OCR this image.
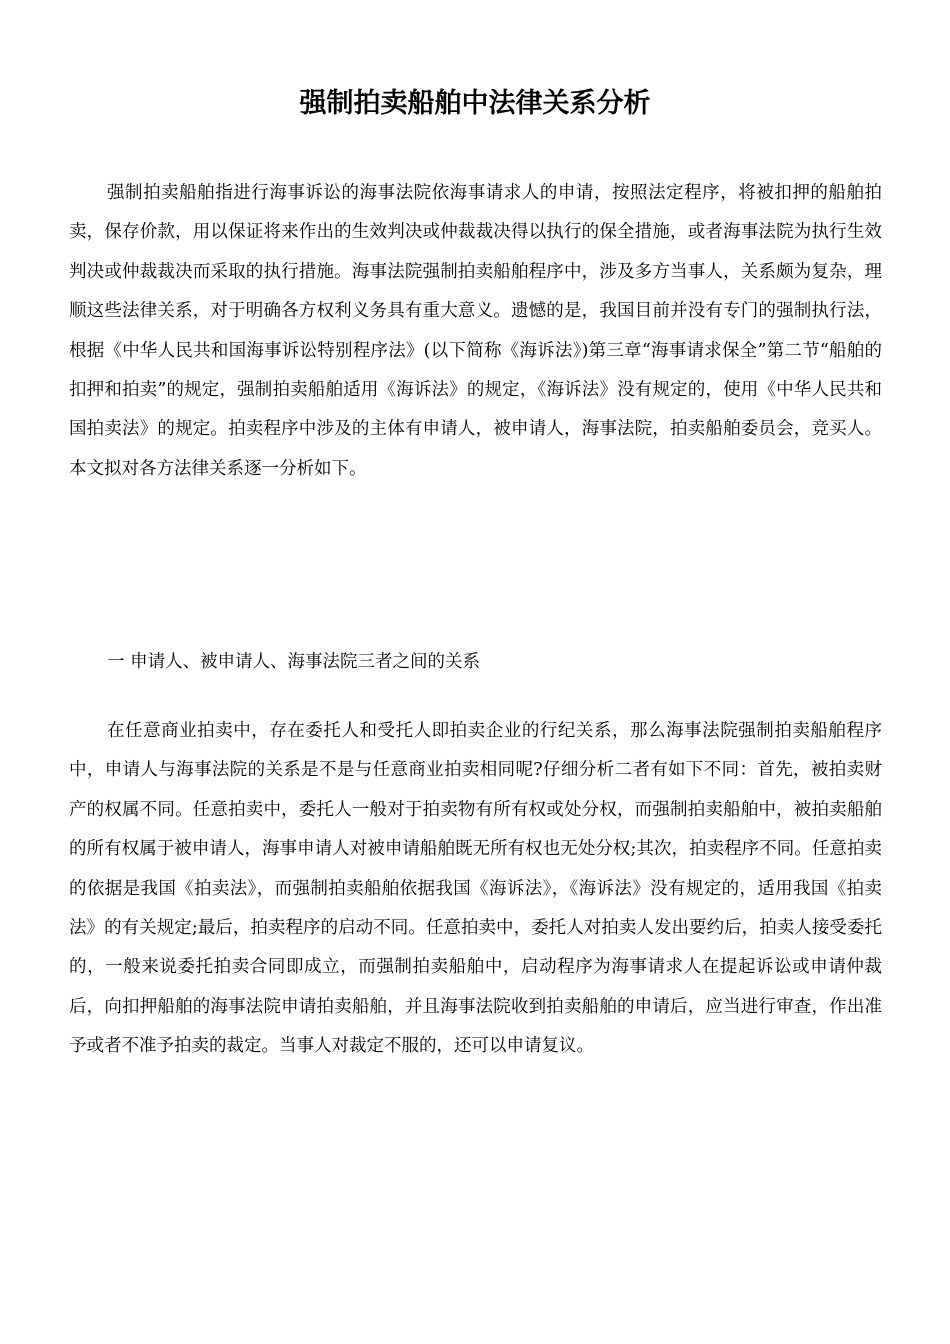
强制拍卖船舶中法律关系分析

强制拍卖船舶指进行海事诉讼的海事法院依海事请求人的申请，按照法定程序，将被扣押的船舶拍卖，保存价款，用以保证将来作出的生效判决或仲裁裁决得以执行的保全措施，或者海事法院为执行生效判决或仲裁裁决而采取的执行措施。海事法院强制拍卖船舶程序中，涉及多方当事人，关系颇为复杂，理顺这些法律关系，对于明确各方权利义务具有重大意义。遗憾的是，我国目前并没有专门的强制执行法，根据《中华人民共和国海事诉讼特别程序法》(以下简称《海诉法》)第三章“海事请求保全”第二节“船舶的扣押和拍卖”的规定，强制拍卖船舶适用《海诉法》的规定，《海诉法》没有规定的，使用《中华人民共和国拍卖法》的规定。拍卖程序中涉及的主体有申请人，被申请人，海事法院，拍卖船舶委员会，竞买人。本文拟对各方法律关系逐一分析如下。

一 申请人、被申请人、海事法院三者之间的关系

在任意商业拍卖中，存在委托人和受托人即拍卖企业的行纪关系，那么海事法院强制拍卖船舶程序中，申请人与海事法院的关系是不是与任意商业拍卖相同呢?仔细分析二者有如下不同：首先，被拍卖财产的权属不同。任意拍卖中，委托人一般对于拍卖物有所有权或处分权，而强制拍卖船舶中，被拍卖船舶的所有权属于被申请人，海事申请人对被申请船舶既无所有权也无处分权;其次，拍卖程序不同。任意拍卖的依据是我国《拍卖法》，而强制拍卖船舶依据我国《海诉法》，《海诉法》没有规定的，适用我国《拍卖法》的有关规定;最后，拍卖程序的启动不同。任意拍卖中，委托人对拍卖人发出要约后，拍卖人接受委托的，一般来说委托拍卖合同即成立，而强制拍卖船舶中，启动程序为海事请求人在提起诉讼或申请仲裁后，向扣押船舶的海事法院申请拍卖船舶，并且海事法院收到拍卖船舶的申请后，应当进行审查，作出准予或者不准予拍卖的裁定。当事人对裁定不服的，还可以申请复议。
